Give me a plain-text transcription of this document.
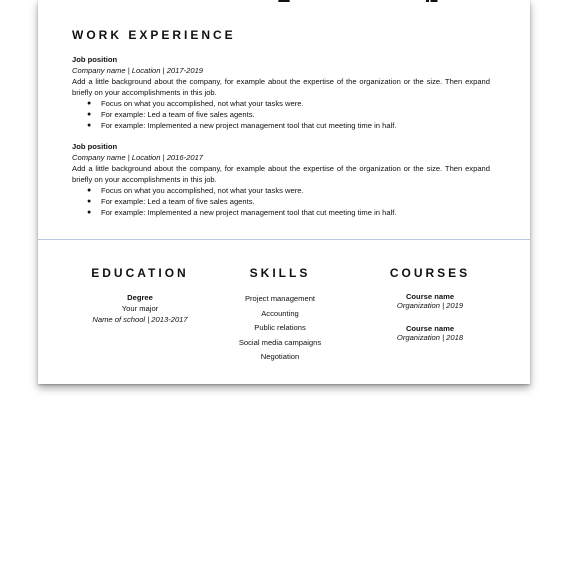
WORK EXPERIENCE
Job position
Company name | Location | 2017-2019
Add a little background about the company, for example about the expertise of the organization or the size. Then expand briefly on your accomplishments in this job.
● Focus on what you accomplished, not what your tasks were.
● For example: Led a team of five sales agents.
● For example: Implemented a new project management tool that cut meeting time in half.
Job position
Company name | Location | 2016-2017
Add a little background about the company, for example about the expertise of the organization or the size. Then expand briefly on your accomplishments in this job.
● Focus on what you accomplished, not what your tasks were.
● For example: Led a team of five sales agents.
● For example: Implemented a new project management tool that cut meeting time in half.
EDUCATION
Degree
Your major
Name of school | 2013-2017
SKILLS
Project management
Accounting
Public relations
Social media campaigns
Negotiation
COURSES
Course name
Organization | 2019
Course name
Organization | 2018
